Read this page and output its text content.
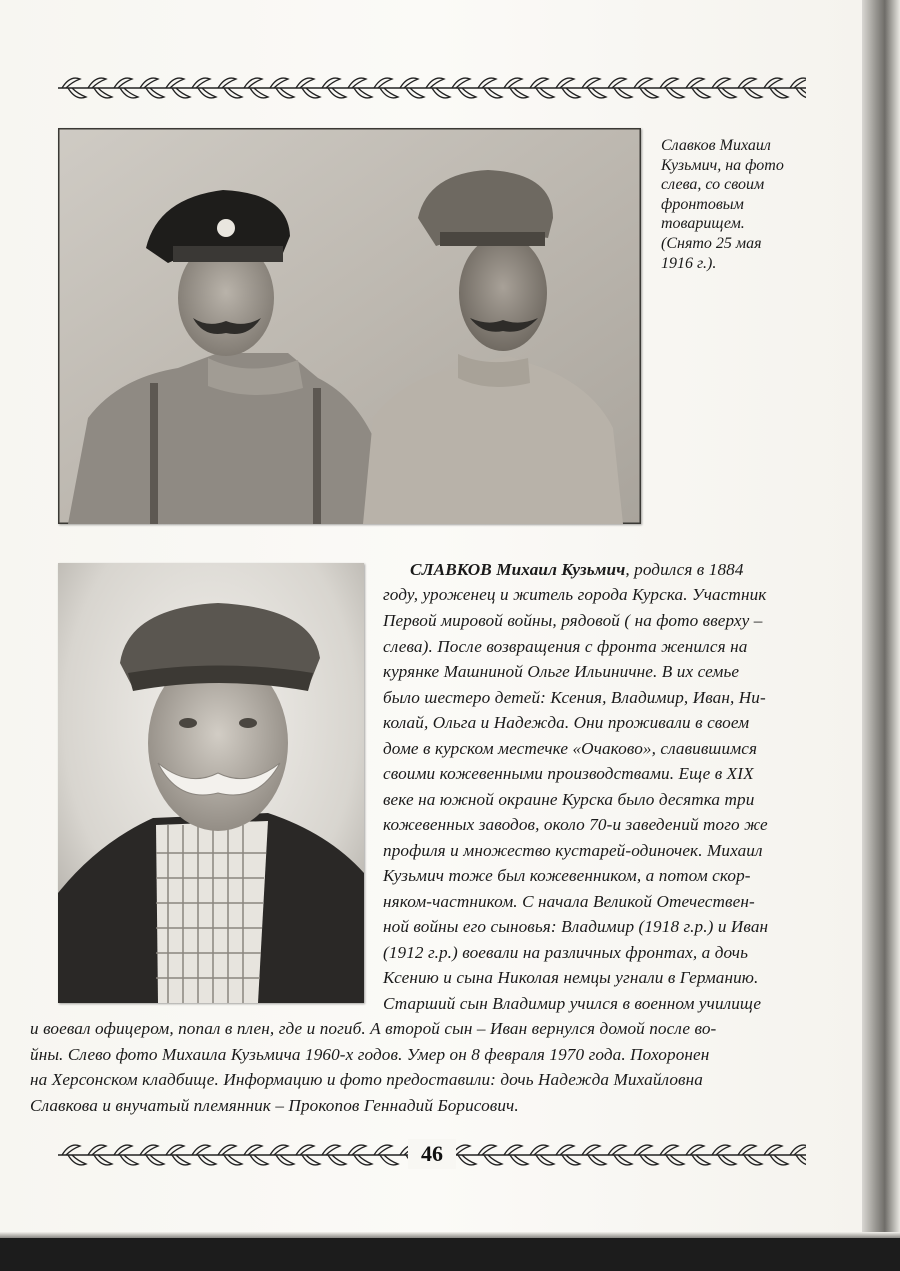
Славков Михаил
Кузьмич, на фото
слева, со своим
фронтовым
товарищем.
(Снято 25 мая
1916 г.).
СЛАВКОВ Михаил Кузьмич, родился в 1884
году, уроженец и житель города Курска. Участник
Первой мировой войны, рядовой ( на фото вверху –
слева). После возвращения с фронта женился на
курянке Машниной Ольге Ильиничне. В их семье
было шестеро детей: Ксения, Владимир, Иван, Ни-
колай, Ольга и Надежда. Они проживали в своем
доме в курском местечке «Очаково», славившимся
своими кожевенными производствами. Еще в XIX
веке на южной окраине Курска было десятка три
кожевенных заводов, около 70-и заведений того же
профиля и множество кустарей-одиночек. Михаил
Кузьмич тоже был кожевенником, а потом скор-
няком-частником. С начала Великой Отечествен-
ной войны его сыновья: Владимир (1918 г.р.) и Иван
(1912 г.р.) воевали на различных фронтах, а дочь
Ксению и сына Николая немцы угнали в Германию.
Старший сын Владимир учился в военном училище
и воевал офицером, попал в плен, где и погиб. А второй сын – Иван вернулся домой после во-
йны. Слево фото Михаила Кузьмича 1960-х годов. Умер он 8 февраля 1970 года. Похоронен
на Херсонском кладбище. Информацию и фото предоставили: дочь Надежда Михайловна
Славкова и внучатый племянник – Прокопов Геннадий Борисович.
46
